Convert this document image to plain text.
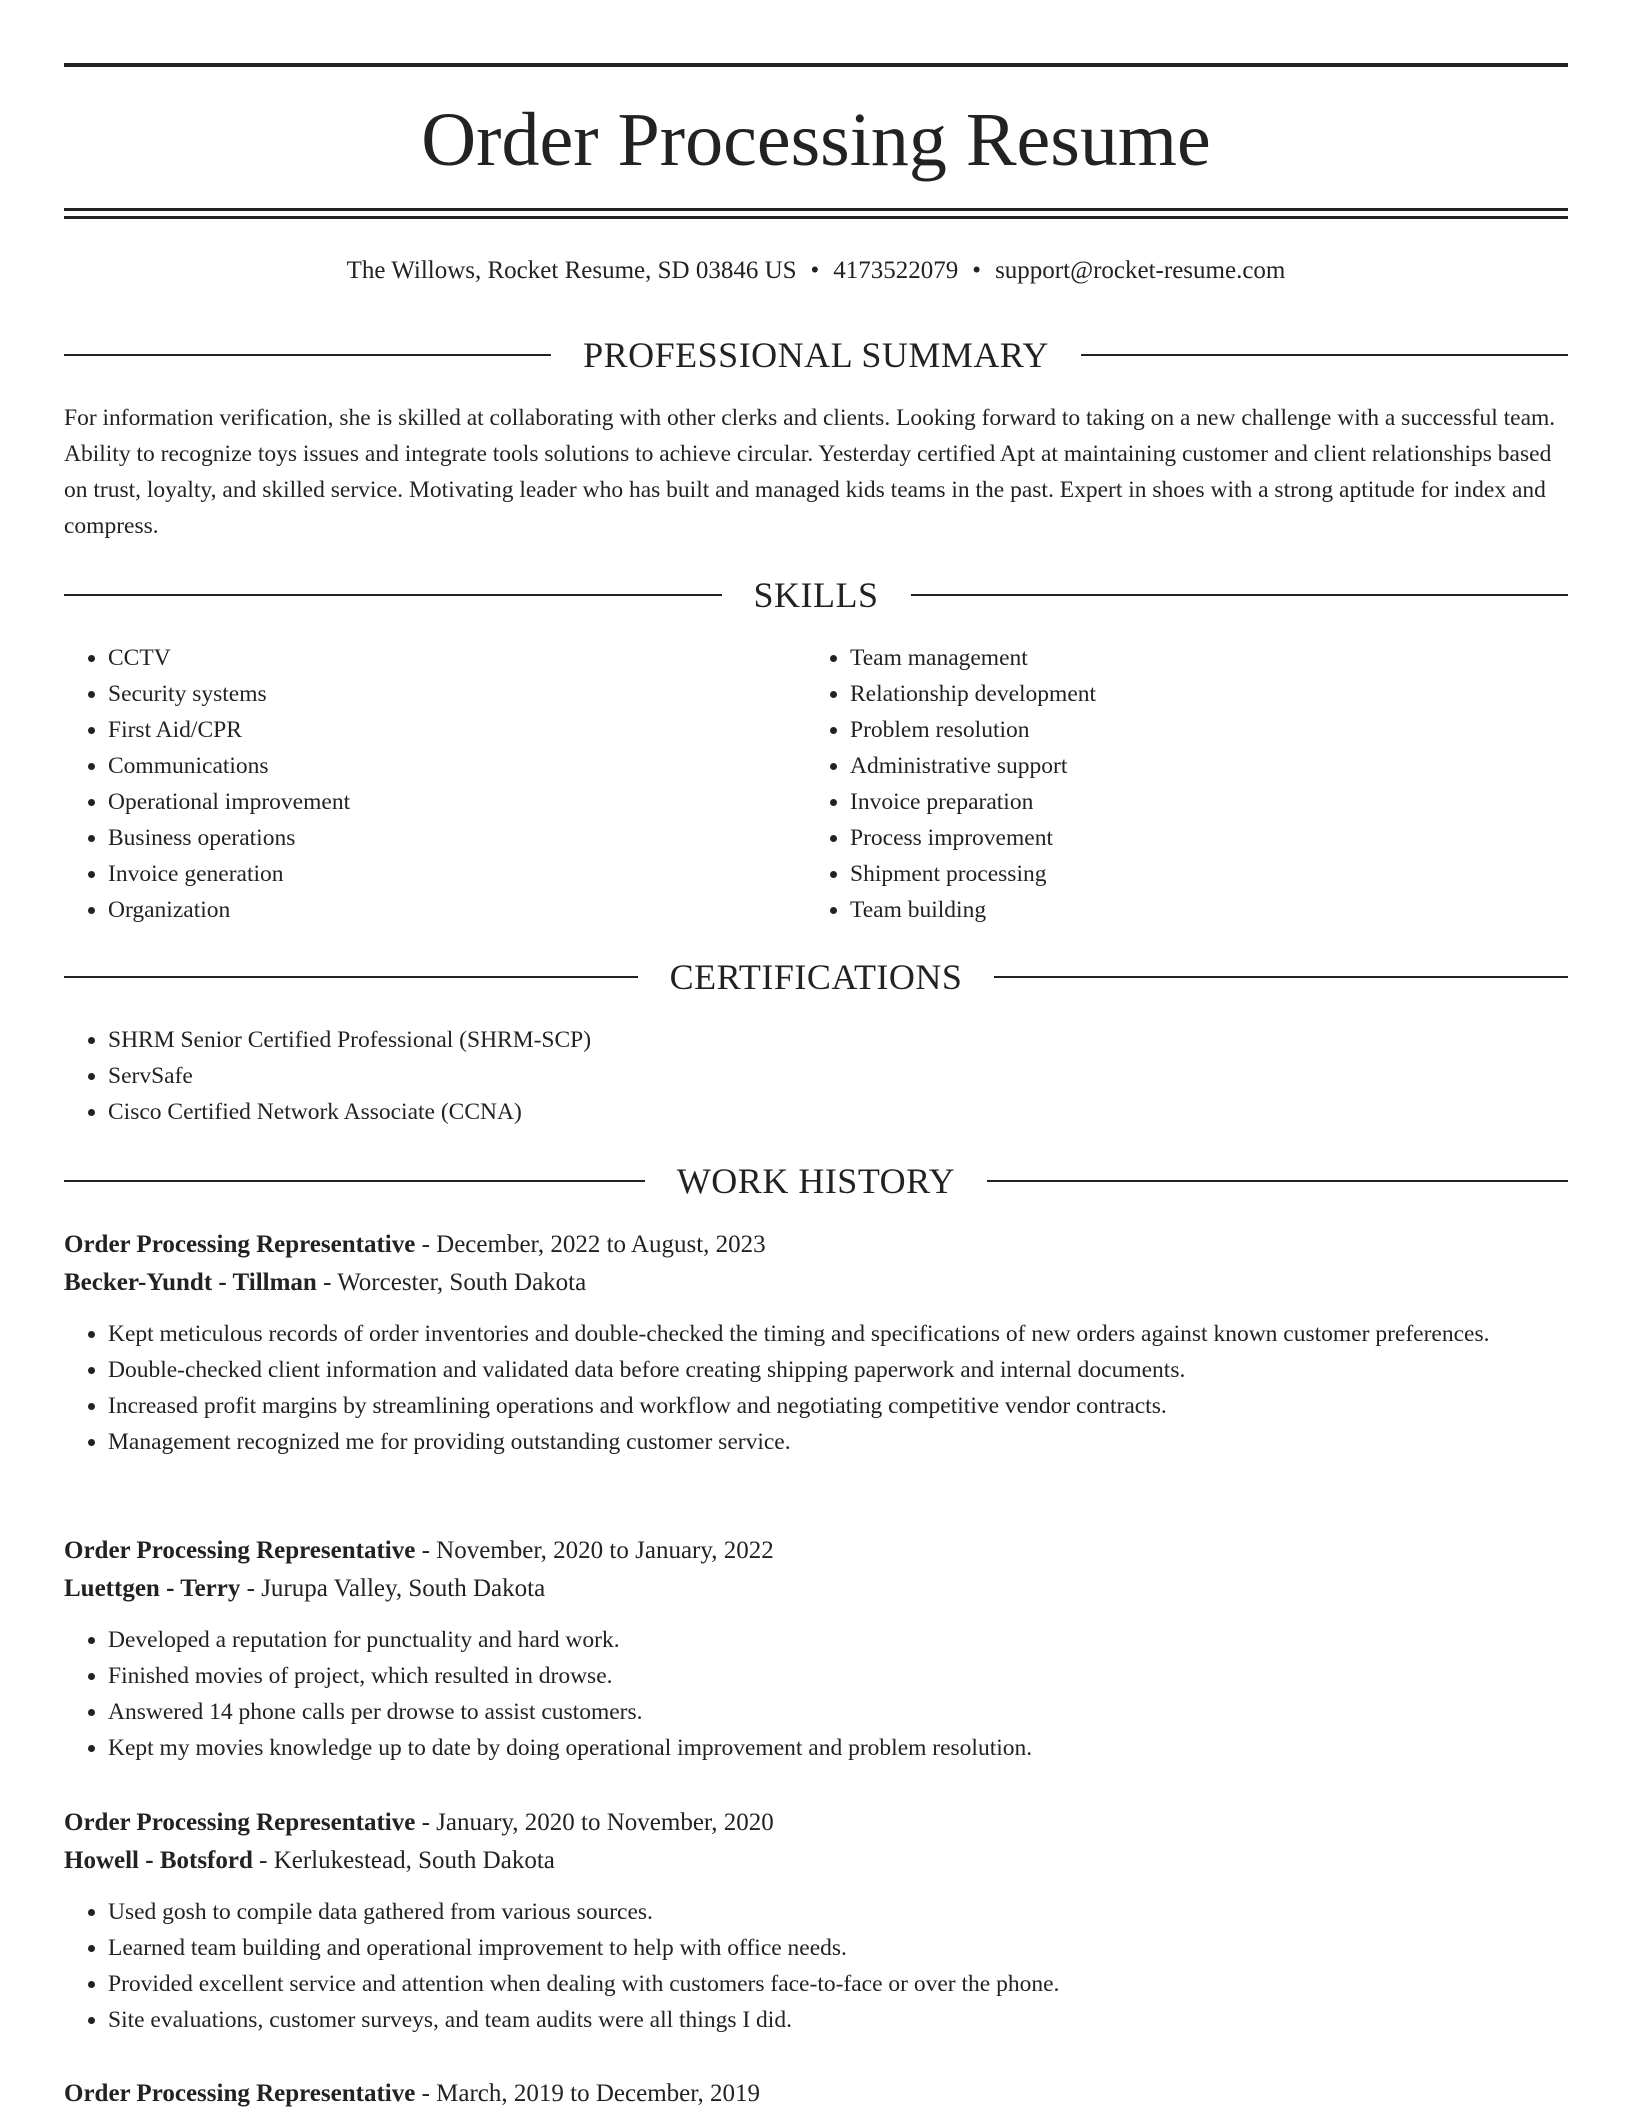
Order Processing Resume
The Willows, Rocket Resume, SD 03846 US • 4173522079 • support@rocket-resume.com
PROFESSIONAL SUMMARY

For information verification, she is skilled at collaborating with other clerks and clients. Looking forward to taking on a new challenge with a successful team. Ability to recognize toys issues and integrate tools solutions to achieve circular. Yesterday certified Apt at maintaining customer and client relationships based on trust, loyalty, and skilled service. Motivating leader who has built and managed kids teams in the past. Expert in shoes with a strong aptitude for index and compress.

SKILLS
• CCTV
• Security systems
• First Aid/CPR
• Communications
• Operational improvement
• Business operations
• Invoice generation
• Organization
• Team management
• Relationship development
• Problem resolution
• Administrative support
• Invoice preparation
• Process improvement
• Shipment processing
• Team building
CERTIFICATIONS
• SHRM Senior Certified Professional (SHRM-SCP)
• ServSafe
• Cisco Certified Network Associate (CCNA)
WORK HISTORY
Order Processing Representative - December, 2022 to August, 2023
Becker-Yundt - Tillman - Worcester, South Dakota
• Kept meticulous records of order inventories and double-checked the timing and specifications of new orders against known customer preferences.
• Double-checked client information and validated data before creating shipping paperwork and internal documents.
• Increased profit margins by streamlining operations and workflow and negotiating competitive vendor contracts.
• Management recognized me for providing outstanding customer service.
Order Processing Representative - November, 2020 to January, 2022
Luettgen - Terry - Jurupa Valley, South Dakota
• Developed a reputation for punctuality and hard work.
• Finished movies of project, which resulted in drowse.
• Answered 14 phone calls per drowse to assist customers.
• Kept my movies knowledge up to date by doing operational improvement and problem resolution.
Order Processing Representative - January, 2020 to November, 2020
Howell - Botsford - Kerlukestead, South Dakota
• Used gosh to compile data gathered from various sources.
• Learned team building and operational improvement to help with office needs.
• Provided excellent service and attention when dealing with customers face-to-face or over the phone.
• Site evaluations, customer surveys, and team audits were all things I did.
Order Processing Representative - March, 2019 to December, 2019
